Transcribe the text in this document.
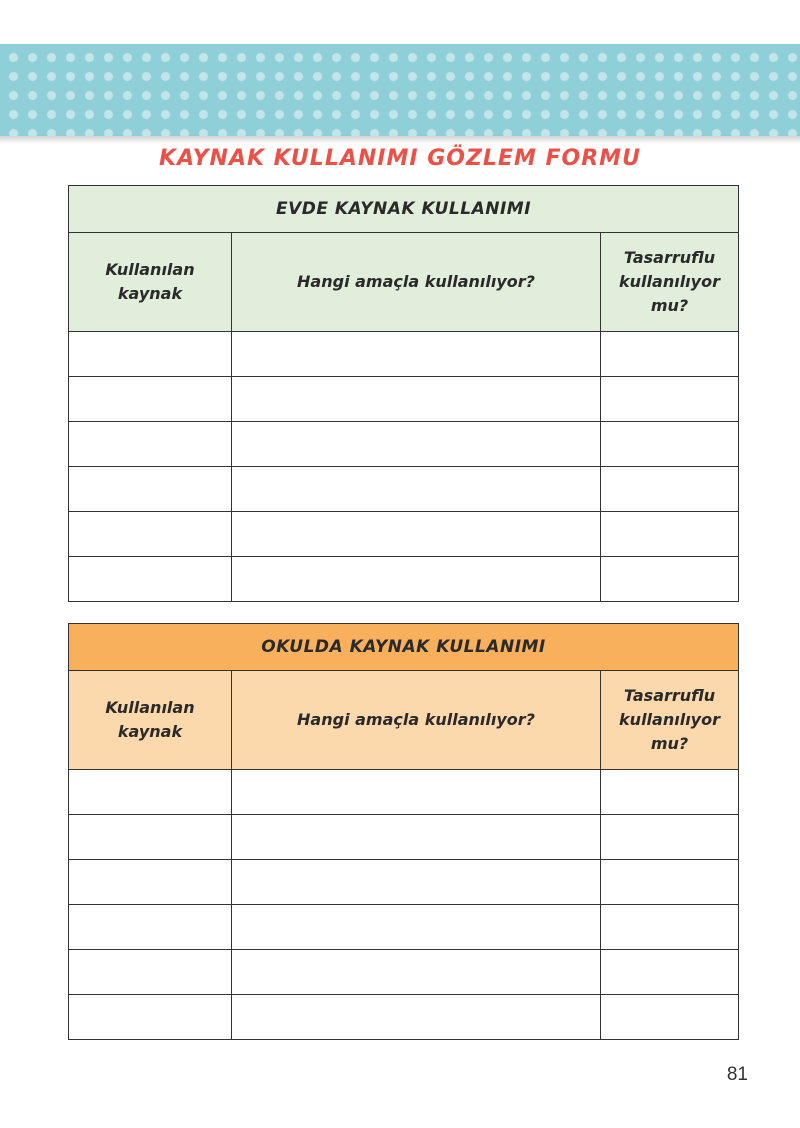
KAYNAK KULLANIMI GÖZLEM FORMU
EVDE KAYNAK KULLANIMI		

Kullanılan kaynak	Hangi amaçla kullanılıyor?	Tasarruflu kullanılıyor mu?

OKULDA KAYNAK KULLANIMI		

Kullanılan kaynak	Hangi amaçla kullanılıyor?	Tasarruflu kullanılıyor mu?

81
